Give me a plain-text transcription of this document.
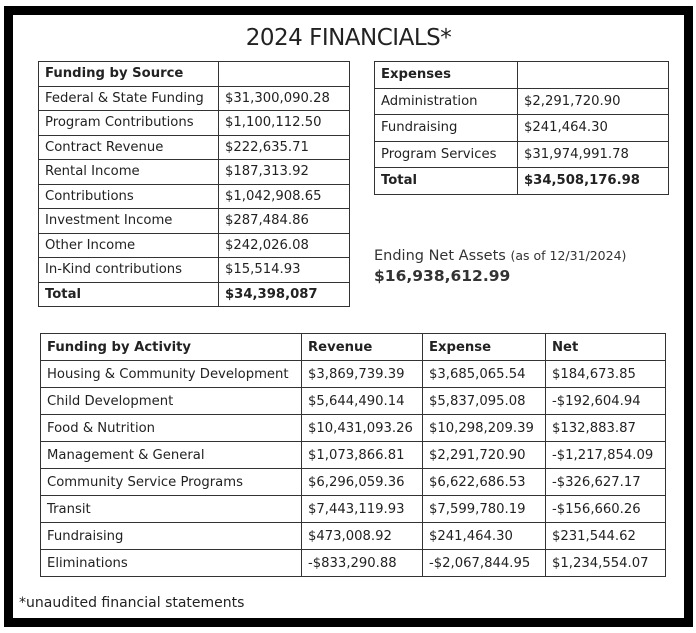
2024 FINANCIALS*
Funding by Source	
Federal & State Funding	$31,300,090.28
Program Contributions	$1,100,112.50
Contract Revenue	$222,635.71
Rental Income	$187,313.92
Contributions	$1,042,908.65
Investment Income	$287,484.86
Other Income	$242,026.08
In-Kind contributions	$15,514.93
Total	$34,398,087
Expenses	
Administration	$2,291,720.90
Fundraising	$241,464.30
Program Services	$31,974,991.78
Total	$34,508,176.98
Ending Net Assets (as of 12/31/2024)
$16,938,612.99
Funding by Activity	Revenue	Expense	Net
Housing & Community Development	$3,869,739.39	$3,685,065.54	$184,673.85
Child Development	$5,644,490.14	$5,837,095.08	-$192,604.94
Food & Nutrition	$10,431,093.26	$10,298,209.39	$132,883.87
Management & General	$1,073,866.81	$2,291,720.90	-$1,217,854.09
Community Service Programs	$6,296,059.36	$6,622,686.53	-$326,627.17
Transit	$7,443,119.93	$7,599,780.19	-$156,660.26
Fundraising	$473,008.92	$241,464.30	$231,544.62
Eliminations	-$833,290.88	-$2,067,844.95	$1,234,554.07
*unaudited financial statements
